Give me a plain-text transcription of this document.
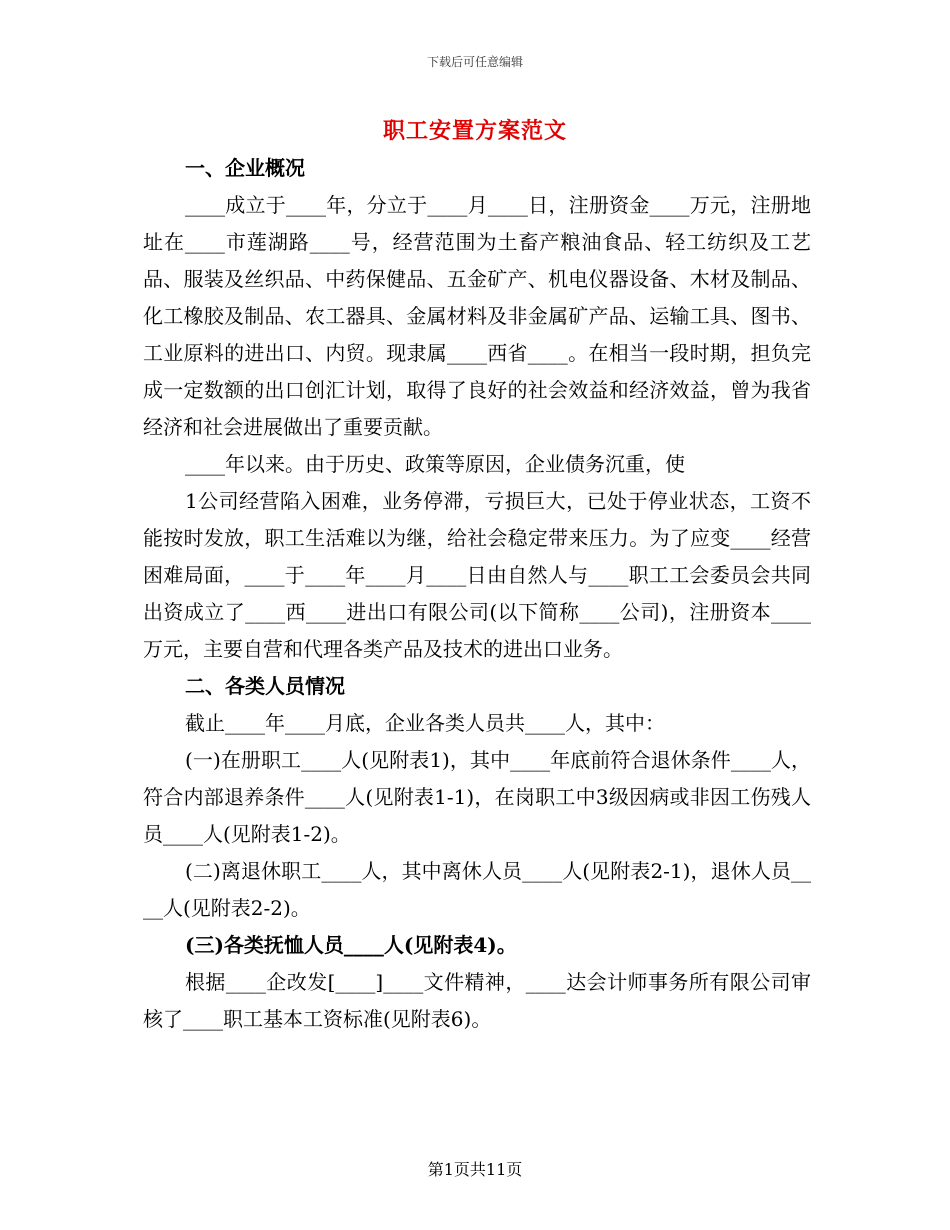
下载后可任意编辑
职工安置方案范文
一、企业概况

____成立于____年，分立于____月____日，注册资金____万元，注册地址在____市莲湖路____号，经营范围为土畜产粮油食品、轻工纺织及工艺品、服装及丝织品、中药保健品、五金矿产、机电仪器设备、木材及制品、化工橡胶及制品、农工器具、金属材料及非金属矿产品、运输工具、图书、工业原料的进出口、内贸。现隶属____西省____。在相当一段时期，担负完成一定数额的出口创汇计划，取得了良好的社会效益和经济效益，曾为我省经济和社会进展做出了重要贡献。

____年以来。由于历史、政策等原因，企业债务沉重，使

1公司经营陷入困难，业务停滞，亏损巨大，已处于停业状态，工资不能按时发放，职工生活难以为继，给社会稳定带来压力。为了应变____经营困难局面，____于____年____月____日由自然人与____职工工会委员会共同出资成立了____西____进出口有限公司(以下简称____公司)，注册资本____万元，主要自营和代理各类产品及技术的进出口业务。

二、各类人员情况

截止____年____月底，企业各类人员共____人，其中：

(一)在册职工____人(见附表1)，其中____年底前符合退休条件____人，符合内部退养条件____人(见附表1-1)，在岗职工中3级因病或非因工伤残人员____人(见附表1-2)。

(二)离退休职工____人，其中离休人员____人(见附表2-1)，退休人员____人(见附表2-2)。

(三)各类抚恤人员____人(见附表4)。

根据____企改发[____]____文件精神，____达会计师事务所有限公司审核了____职工基本工资标准(见附表6)。

第1页共11页
